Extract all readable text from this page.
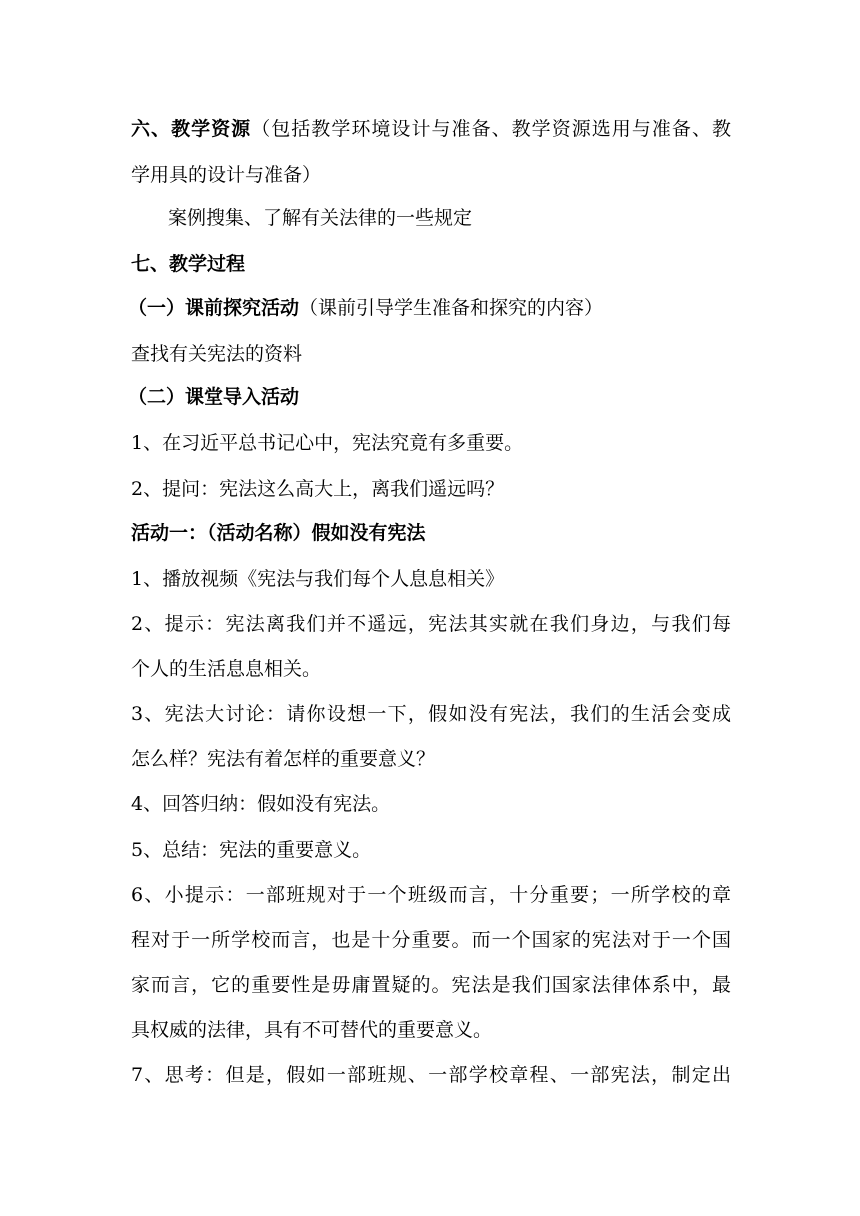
六、教学资源（包括教学环境设计与准备、教学资源选用与准备、教
学用具的设计与准备）
案例搜集、了解有关法律的一些规定
七、教学过程
（一）课前探究活动（课前引导学生准备和探究的内容）
查找有关宪法的资料
（二）课堂导入活动
1、在习近平总书记心中，宪法究竟有多重要。
2、提问：宪法这么高大上，离我们遥远吗？
活动一：（活动名称）假如没有宪法
1、播放视频《宪法与我们每个人息息相关》
2、提示：宪法离我们并不遥远，宪法其实就在我们身边，与我们每
个人的生活息息相关。
3、宪法大讨论：请你设想一下，假如没有宪法，我们的生活会变成
怎么样？宪法有着怎样的重要意义？
4、回答归纳：假如没有宪法。
5、总结：宪法的重要意义。
6、小提示：一部班规对于一个班级而言，十分重要；一所学校的章
程对于一所学校而言，也是十分重要。而一个国家的宪法对于一个国
家而言，它的重要性是毋庸置疑的。宪法是我们国家法律体系中，最
具权威的法律，具有不可替代的重要意义。
7、思考：但是，假如一部班规、一部学校章程、一部宪法，制定出
